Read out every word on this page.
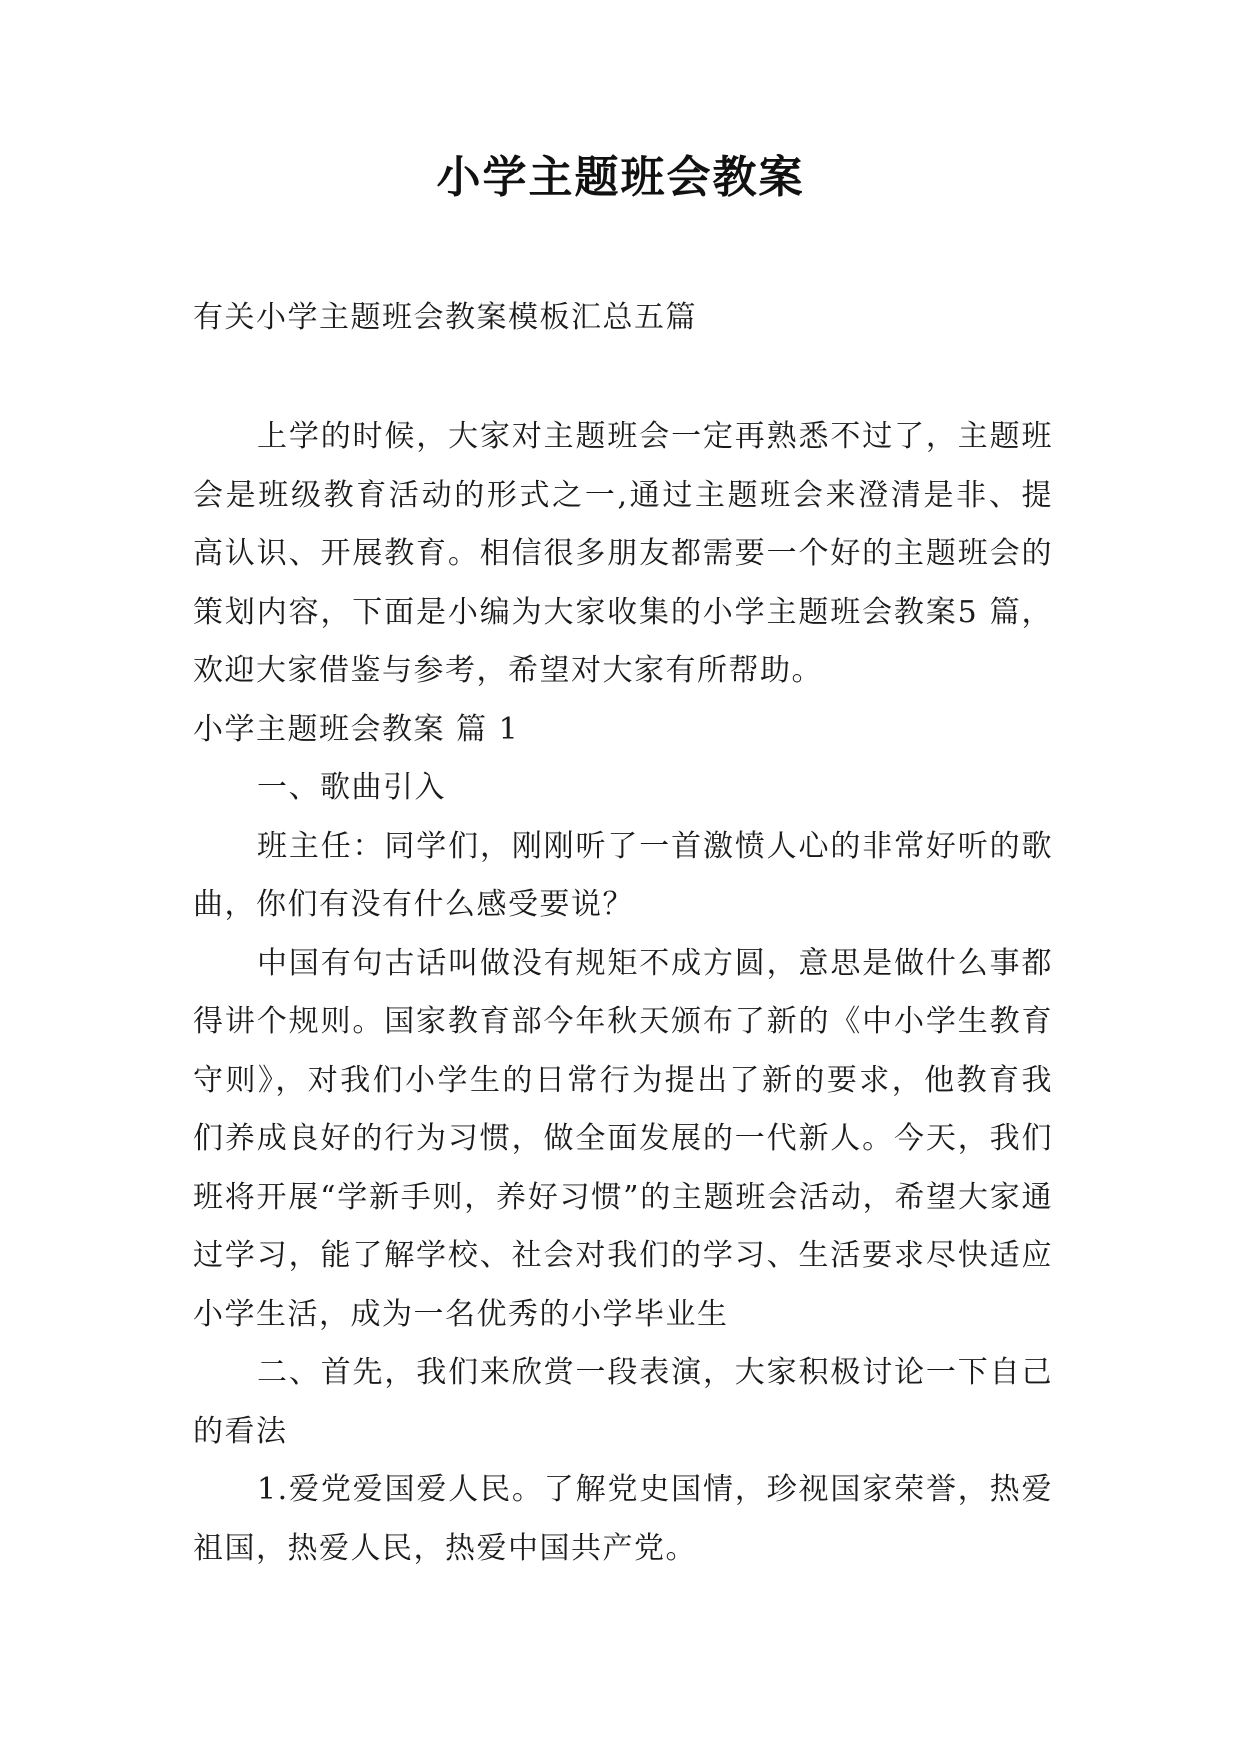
小学主题班会教案
有关小学主题班会教案模板汇总五篇

上学的时候，大家对主题班会一定再熟悉不过了，主题班会是班级教育活动的形式之一,通过主题班会来澄清是非、提高认识、开展教育。相信很多朋友都需要一个好的主题班会的策划内容，下面是小编为大家收集的小学主题班会教案5 篇，欢迎大家借鉴与参考，希望对大家有所帮助。

小学主题班会教案 篇 1

一、歌曲引入

班主任：同学们，刚刚听了一首激愤人心的非常好听的歌曲，你们有没有什么感受要说？

中国有句古话叫做没有规矩不成方圆，意思是做什么事都得讲个规则。国家教育部今年秋天颁布了新的《中小学生教育守则》，对我们小学生的日常行为提出了新的要求，他教育我们养成良好的行为习惯，做全面发展的一代新人。今天，我们班将开展“学新手则，养好习惯”的主题班会活动，希望大家通过学习，能了解学校、社会对我们的学习、生活要求尽快适应小学生活，成为一名优秀的小学毕业生

二、首先，我们来欣赏一段表演，大家积极讨论一下自己的看法

1.爱党爱国爱人民。了解党史国情，珍视国家荣誉，热爱祖国，热爱人民，热爱中国共产党。
